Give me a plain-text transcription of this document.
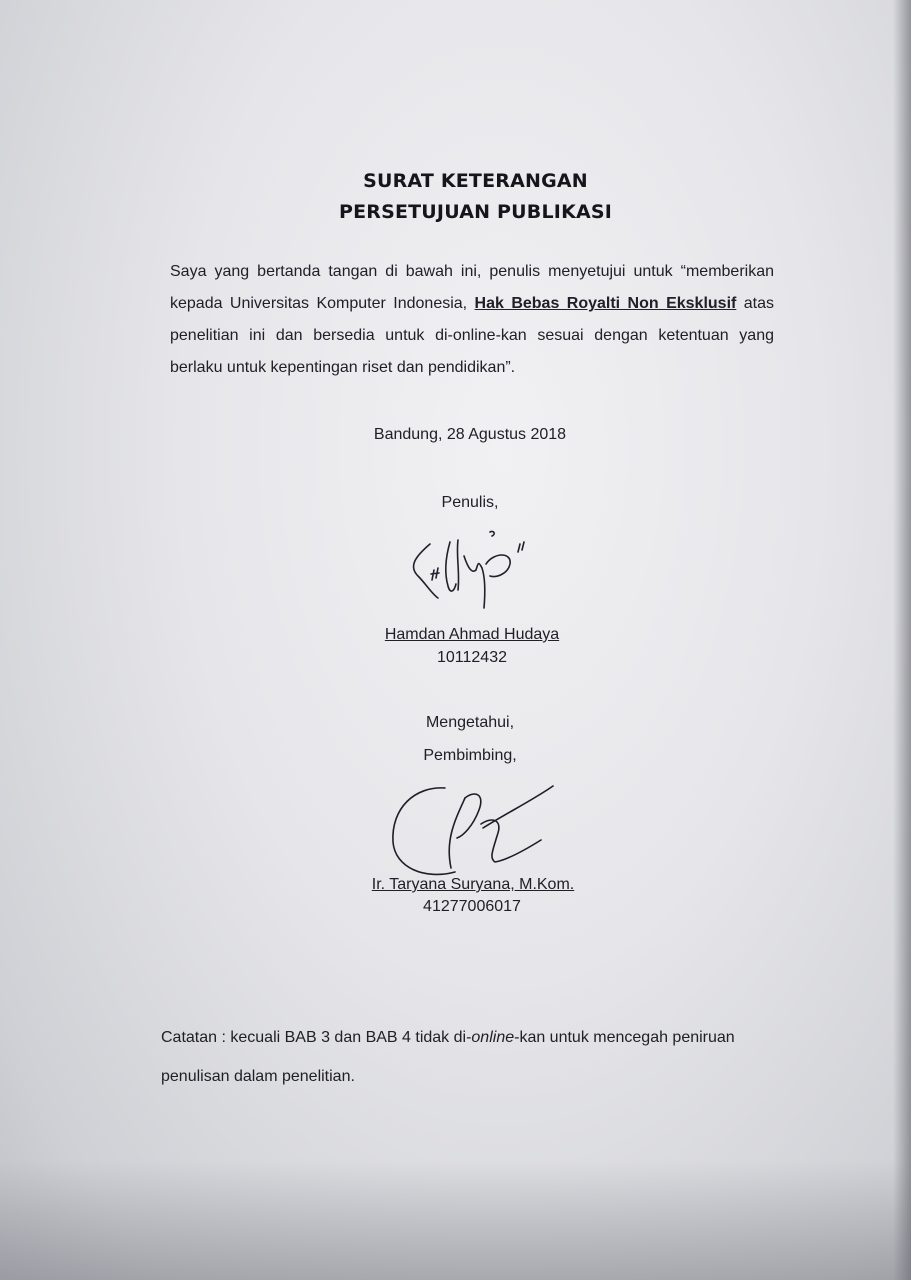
SURAT KETERANGAN
PERSETUJUAN PUBLIKASI
Saya yang bertanda tangan di bawah ini, penulis menyetujui untuk “memberikan kepada Universitas Komputer Indonesia, Hak Bebas Royalti Non Eksklusif atas penelitian ini dan bersedia untuk di-online-kan sesuai dengan ketentuan yang berlaku untuk kepentingan riset dan pendidikan”.
Bandung, 28 Agustus 2018
Penulis,
Hamdan Ahmad Hudaya
10112432
Mengetahui,
Pembimbing,
Ir. Taryana Suryana, M.Kom.
41277006017
Catatan : kecuali BAB 3 dan BAB 4 tidak di-online-kan untuk mencegah peniruan penulisan dalam penelitian.
